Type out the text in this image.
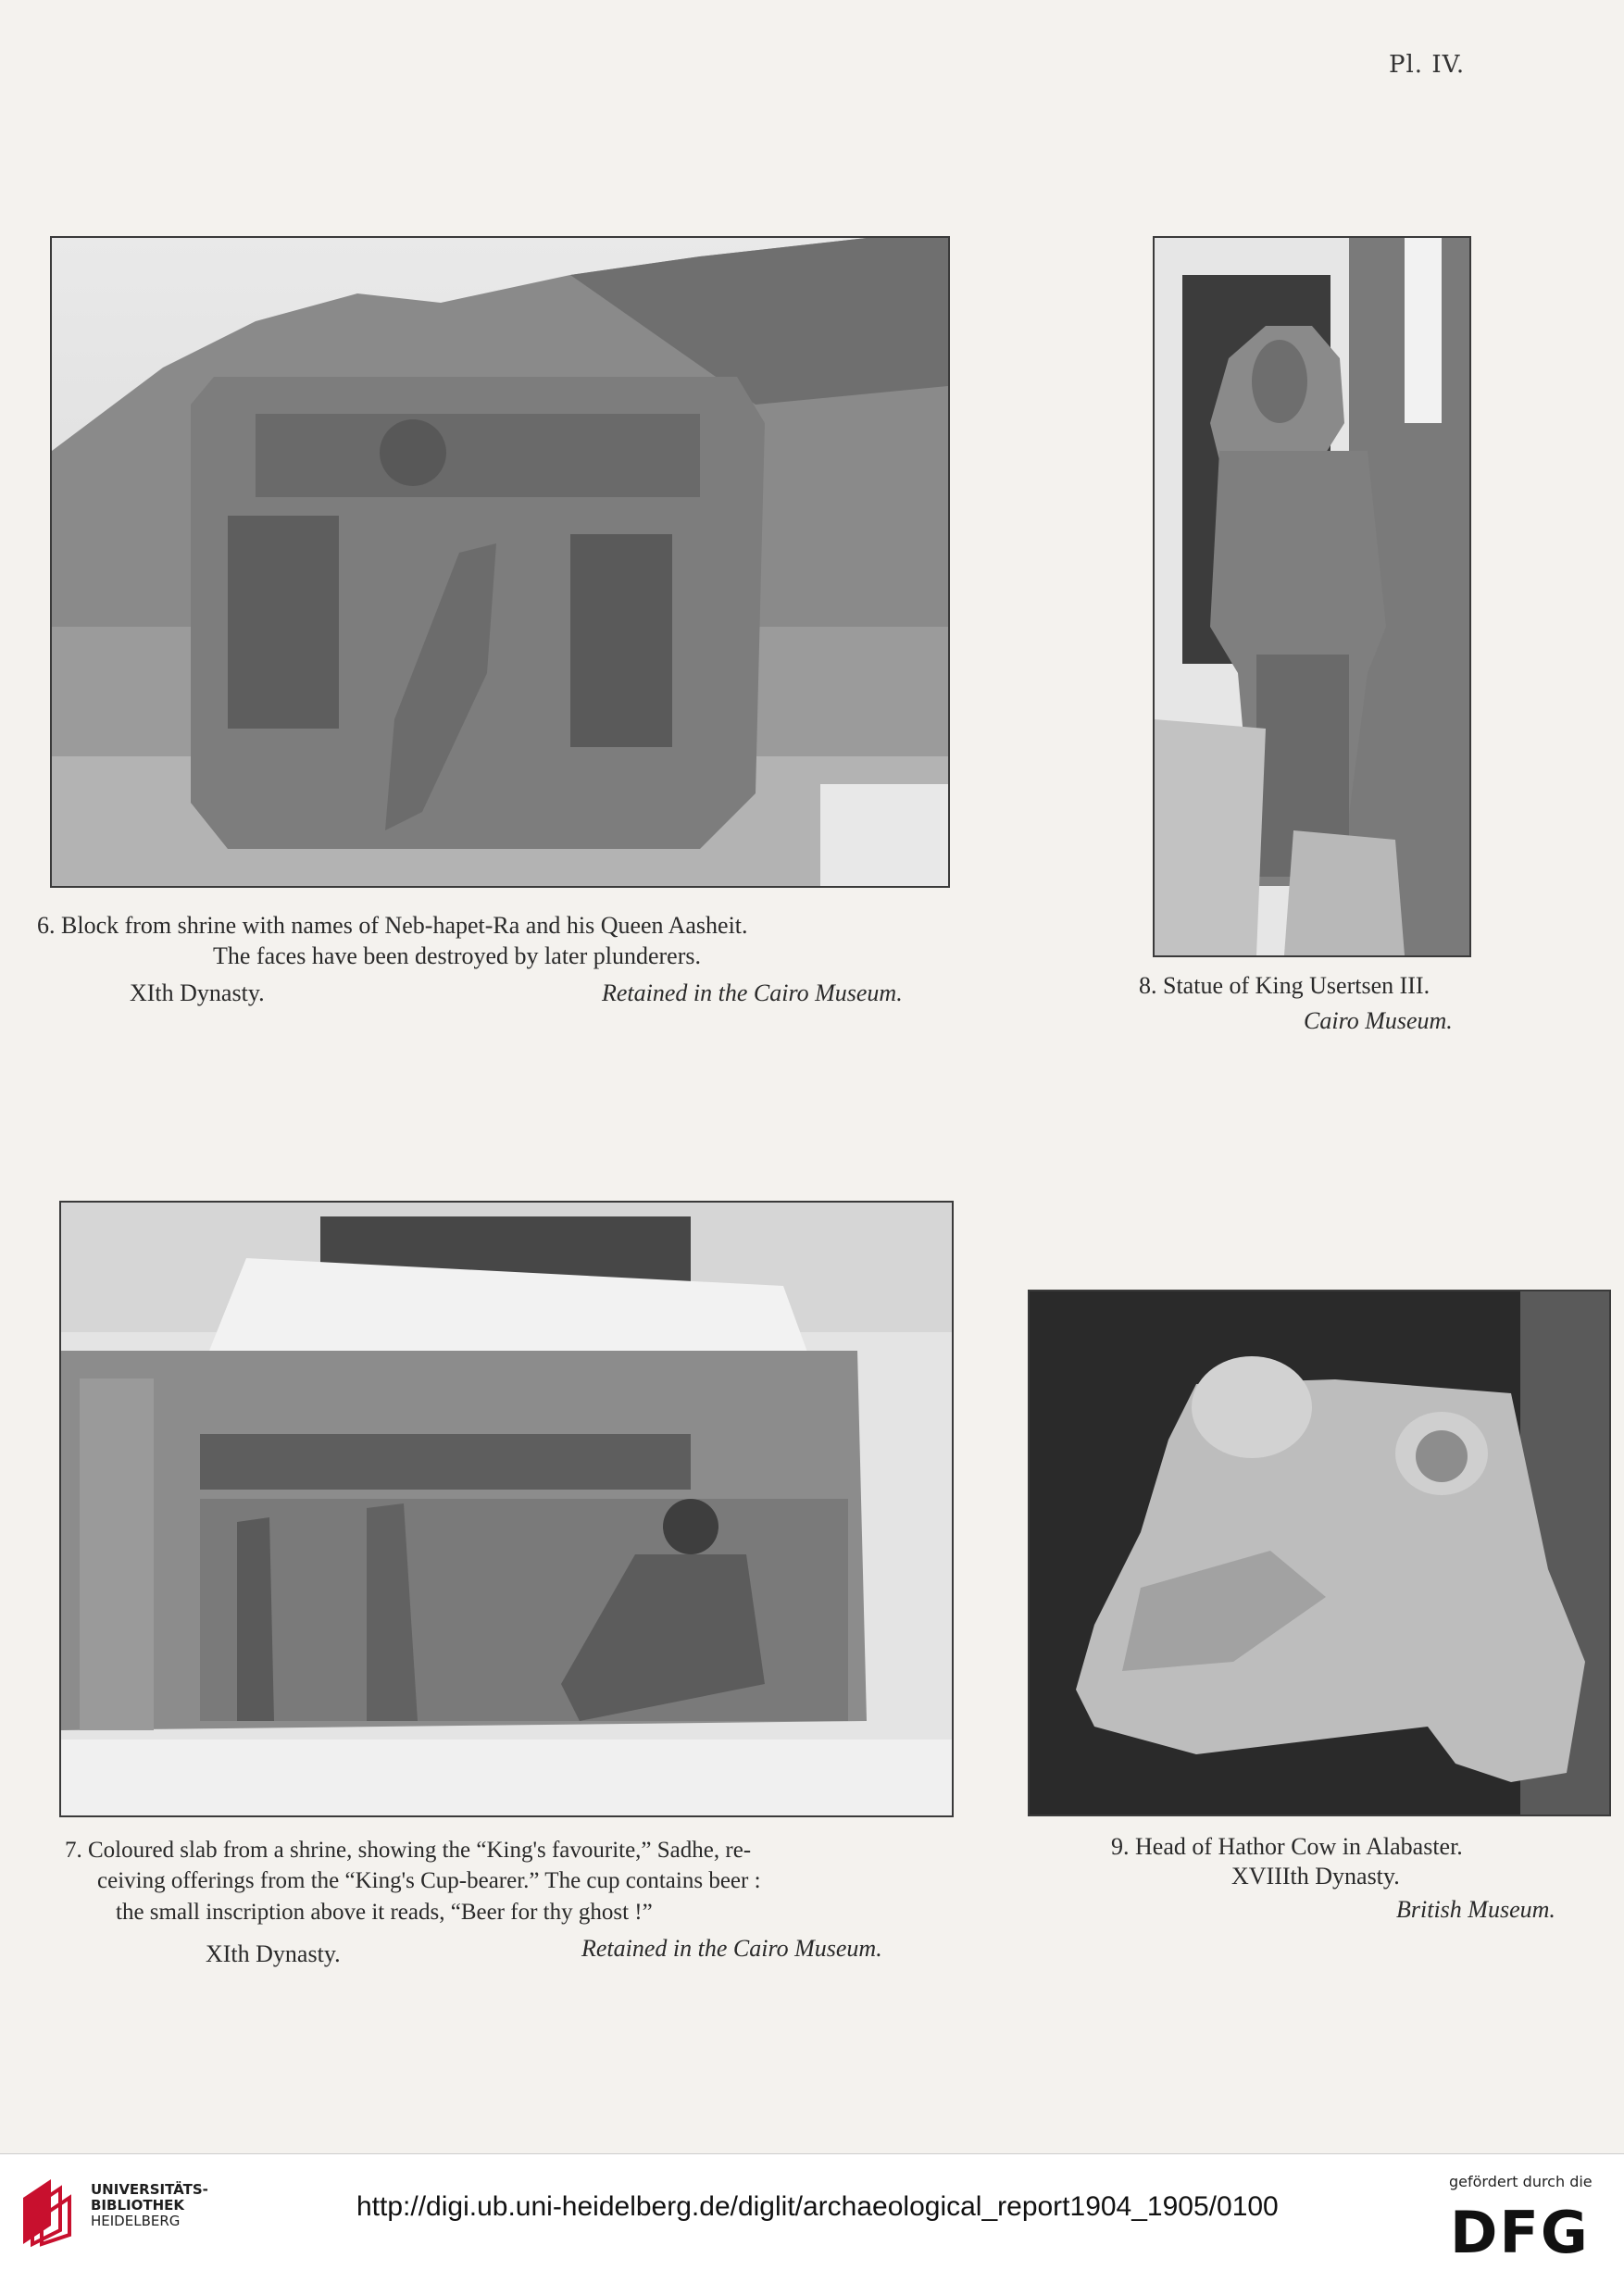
Pl. IV.
6. Block from shrine with names of Neb-hapet-Ra and his Queen Aasheit.
The faces have been destroyed by later plunderers.
XIth Dynasty.	Retained in the Cairo Museum.	8. Statue of King Usertsen III.
Cairo Museum.
7. Coloured slab from a shrine, showing the “King's favourite,” Sadhe, re-
ceiving offerings from the “King's Cup-bearer.” The cup contains beer :
the small inscription above it reads, “Beer for thy ghost !”
XIth Dynasty.	Retained in the Cairo Museum.
9. Head of Hathor Cow in Alabaster.
XVIIIth Dynasty.
British Museum.
UNIVERSITÄTS-
BIBLIOTHEK
HEIDELBERG	http://digi.ub.uni-heidelberg.de/diglit/archaeological_report1904_1905/0100
gefördert durch die
DFG
